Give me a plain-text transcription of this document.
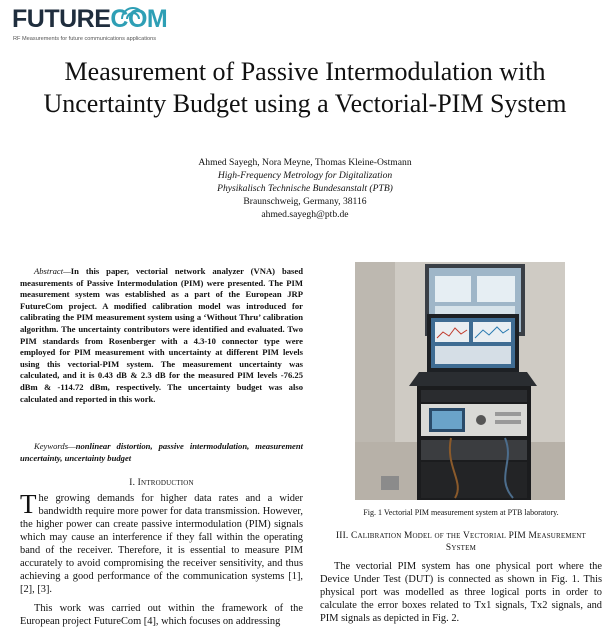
FUTURECOM
RF Measurements for future communications applications
Measurement of Passive Intermodulation with Uncertainty Budget using a Vectorial-PIM System
Ahmed Sayegh, Nora Meyne, Thomas Kleine-Ostmann
High-Frequency Metrology for Digitalization
Physikalisch Technische Bundesanstalt (PTB)
Braunschweig, Germany, 38116
ahmed.sayegh@ptb.de

Abstract—In this paper, vectorial network analyzer (VNA) based measurements of Passive Intermodulation (PIM) were presented. The PIM measurement system was established as a part of the European JRP FutureCom project. A modified calibration model was introduced for calibrating the PIM measurement system using a ‘Without Thru’ calibration algorithm. The uncertainty contributors were identified and evaluated. Two PIM standards from Rosenberger with a 4.3-10 connector type were employed for PIM measurement with uncertainty at different PIM levels using this vectorial-PIM system. The measurement uncertainty was calculated, and it is 0.43 dB & 2.3 dB for the measured PIM levels -76.25 dBm & -114.72 dBm, respectively. The uncertainty budget was also calculated and reported in this work.

Keywords—nonlinear distortion, passive intermodulation, measurement uncertainty, uncertainty budget

I. Introduction

The growing demands for higher data rates and a wider bandwidth require more power for data transmission. However, the higher power can create passive intermodulation (PIM) signals which may cause an interference if they fall within the operating band of the receiver. Therefore, it is essential to measure PIM accurately to avoid compromising the receiver sensitivity, and thus achieving a good performance of the communication systems [1], [2], [3].

This work was carried out within the framework of the European project FutureCom [4], which focuses on addressing

Fig. 1 Vectorial PIM measurement system at PTB laboratory.
III. Calibration Model of the Vectorial PIM Measurement System

The vectorial PIM system has one physical port where the Device Under Test (DUT) is connected as shown in Fig. 1. This physical port was modelled as three logical ports in order to calculate the error boxes related to Tx1 signals, Tx2 signals, and PIM signals as depicted in Fig. 2.
